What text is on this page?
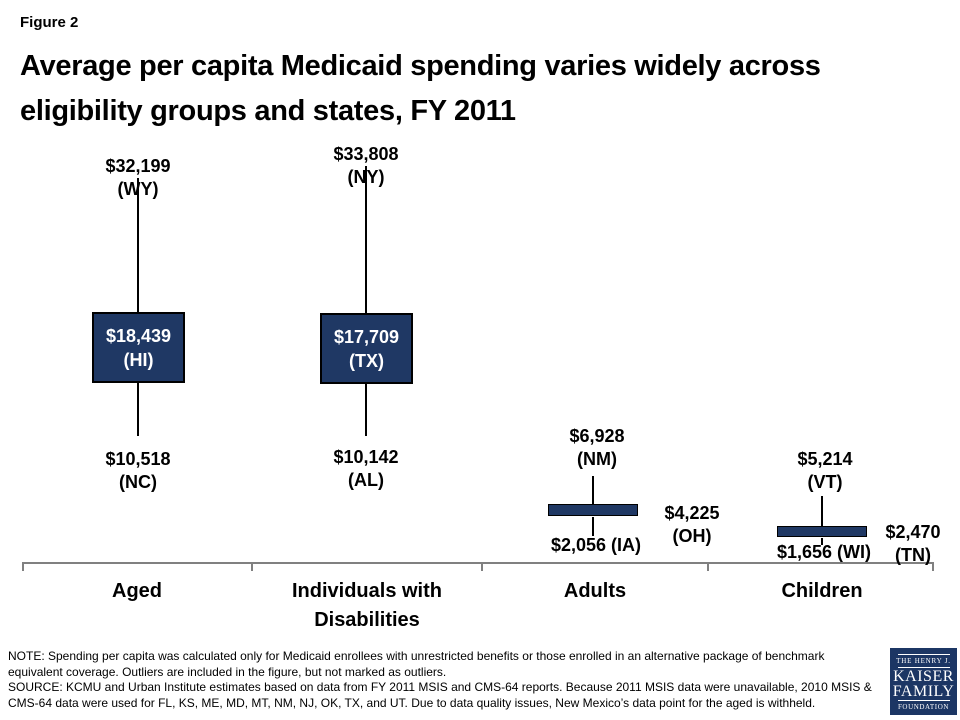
Figure 2
Average per capita Medicaid spending varies widely across
eligibility groups and states, FY 2011
$32,199
(WY)
$18,439
(HI)
$10,518
(NC)
$33,808
(NY)
$17,709
(TX)
$10,142
(AL)
$6,928
(NM)
$4,225
(OH)
$2,056 (IA)
$5,214
(VT)
$2,470
(TN)
$1,656 (WI)
Aged	Individuals with
Disabilities
Adults	Children
NOTE: Spending per capita was calculated only for Medicaid enrollees with unrestricted benefits or those enrolled in an alternative package of benchmark
equivalent coverage. Outliers are included in the figure, but not marked as outliers.
SOURCE: KCMU and Urban Institute estimates based on data from FY 2011 MSIS and CMS-64 reports. Because 2011 MSIS data were unavailable, 2010 MSIS &
CMS-64 data were used for FL, KS, ME, MD, MT, NM, NJ, OK, TX, and UT. Due to data quality issues, New Mexico’s data point for the aged is withheld.
THE HENRY J.
KAISER
FAMILY
FOUNDATION
